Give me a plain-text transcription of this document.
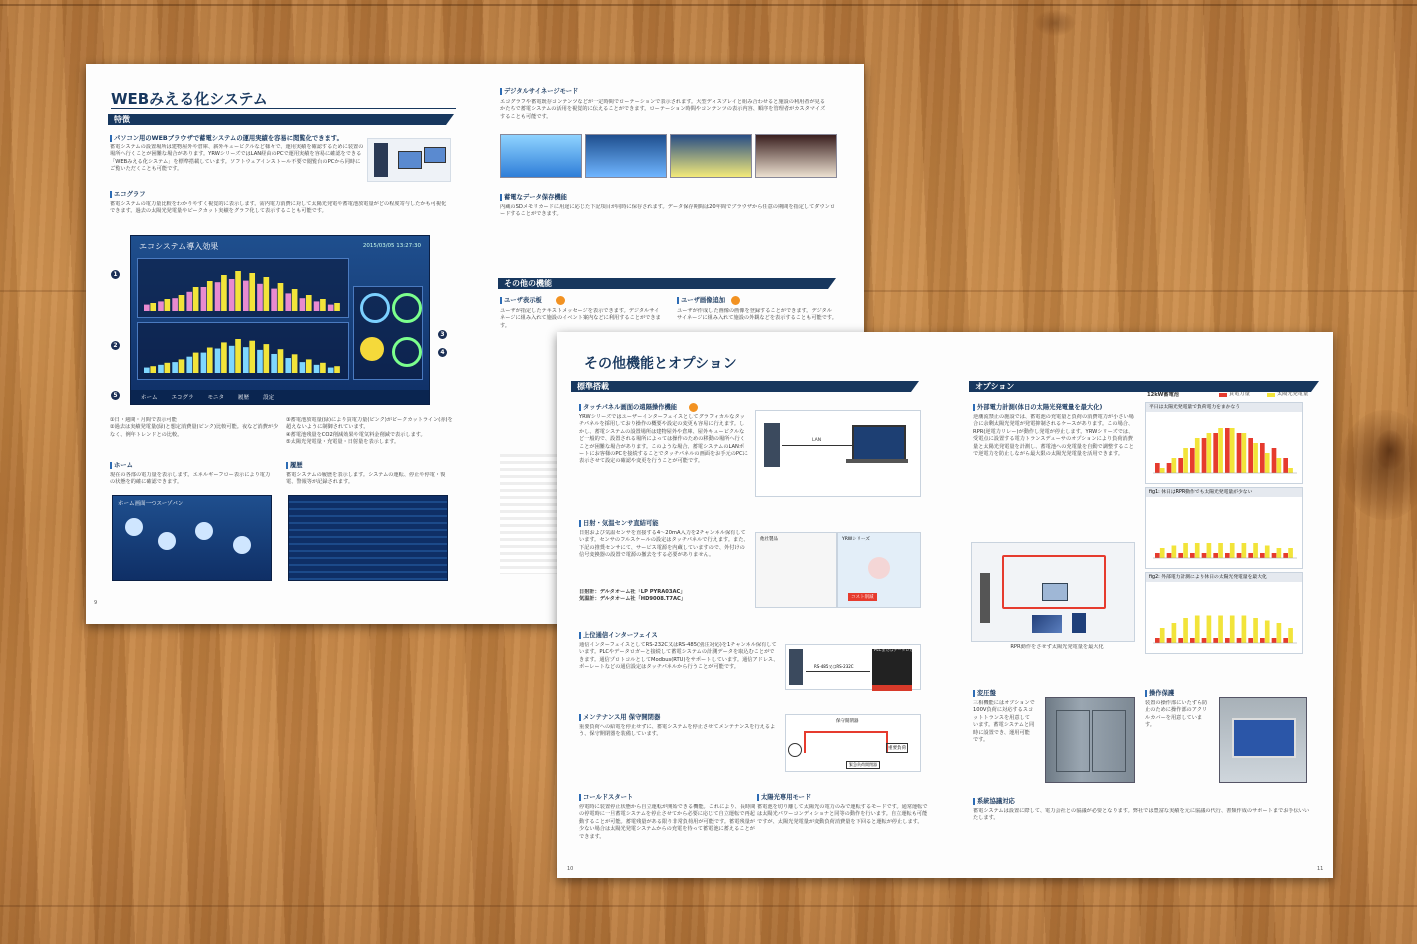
WEBみえる化システム
特徴
パソコン用のWEBブラウザで蓄電システムの運用実績を容易に閲覧化できます。
蓄電システムの設置場所は建物屋外や倉庫、薪外キュービクルなど様々で、運用実績を確認するために装置の場所へ行くことが困難な場合があります。YRWシリーズではLAN経由のPCで運用実績を容易に確認をできる「WEBみえる化システム」を標準搭載しています。ソフトウェアインストール不要で閲覧台のPCから同時にご覧いただくことも可能です。
エコグラフ
蓄電システムの電力量比較をわかりやすく視覚的に表示します。需内電力消費に対して太陽光発電や蓄電池放電量がどの程度寄与したかも可視化できます。過去の太陽光発電量やピークカット実績をグラフ化して表示することも可能です。
エコシステム導入効果	2015/03/05 13:27:30
ホーム	エコグラ	モニタ	履歴	設定
1
2
3
4
5
①日・週間・月間で表示可能
②過去は実績発電量(緑)と想定消費量(ピンク)比較可能。夜など消費が少なく、例年トレンドとの比較。
③蓄電池放電量(緑)により買電力量(ピンク)がピークカットライン(赤)を超えないように制御されています。
④蓄電池残量をCO2削減効果や電気料金削減で表示します。
⑤太陽光発電量・充電量・日射量を表示します。
ホーム
現在の各部の電力量を表示します。エネルギーフロー表示により電力の状態を的確に確認できます。
ホーム画面一つスーゾバン
履歴
蓄電システムの履歴を表示します。システムの運転、停止や停電・復電、警報等が記録されます。
9
デジタルサイネージモード
エコグラフや蓄電既存コンテンツなどが一定時間でローテーションで表示されます。大型ディスプレイと組み合わせると施設の利用者が見るかたちで蓄電システムの活用を視覚的に伝えることができます。ローテーション時間やコンテンツの表示内容、順序を管理者がカスタマイズすることも可能です。
蓄電なデータ保存機能
内蔵のSDメモリカードに用途に応じた下記項目が同時に保存されます。データ保存期間は20年間でブラウザから任意の期間を指定してダウンロードすることができます。
その他の機能
ユーザ表示板
ユーザが指定したテキストメッセージを表示できます。デジタルサイネージに組み入れて施設のイベント案内などに利用することができます。
ユーザ画像追加
ユーザが作成した画像の画像を登録することができます。デジタルサイネージに組み入れて施設の外観などを表示することも可能です。
その他機能とオプション
標準搭載	オプション
タッチパネル画面の遠隔操作機能
YRWシリーズではユーザーインターフェイスとしてグラフィカルなタッチパネルを採用しており操作の概要や設定の変更も容易に行えます。しかし、蓄電システムの設置場所は建物屋外や倉庫、屋外キュービクルなど一般的で、設置される場所によっては操作のための移動の場所へ行くことが困難な場合があります。このような場合、蓄電システムのLANポートにお客様のPCを接続することでタッチパネルの画面をお手元のPCに表示させて設定の確認や変更を行うことが可能です。
LAN
日射・気温センサ直結可能
日射および気温センサを直接する4〜20mA入力を2チャンネル保有しています。センサのフルスケールの設定はタッチパネルで行えます。また、下記の推奨センサにて、サービス電源を内蔵していますので、外付けの信号変換器の設置で電源の撤去をする必要がありません。
日射計：デルタオーム社「LP PYRA03AC」
気温計：デルタオーム社「HD9008.T7AC」
他社製品	YRWシリーズ
コスト削減
上位通信インターフェイス
通信インターフェイスとしてRS-232C又はRS-485(別注対応)を1チャンネル保有しています。PLCやデータロガーと接続して蓄電システムの計測データを取込むことができます。通信プロトコルとしてModbus(RTU)をサポートしています。通信アドレス、ボーレートなどの通信設定はタッチパネルから行うことが可能です。
PLCまたはデータロガー
RS-485又はRS-232C
メンテナンス用 保守開閉器
重要負荷への給電を停止せずに、蓄電システムを停止させてメンテナンスを行えるよう、保守開閉器を装備しています。
保守開閉器
重要負荷
緊急負荷開閉器
コールドスタート
停電時に装置停止状態から自立運転が開始できる機能。これにより、長時間の停電時に一旦蓄電システムを停止させてから必要に応じて自立運転で再起動することが可能。蓄電残量がある限り非常負荷用が可能です。蓄電残量が少ない場合は太陽光発電システムからの充電を待って蓄電池に蓄えることができます。
太陽光専用モード
蓄電池を切り離して太陽光の電力のみで運転するモードです。通常運転では太陽光パワーコンディショナと同等の動作を行います。自立運転も可能ですが、太陽光発電量が変動負荷消費量を下回ると運転が停止します。
10
外部電力計測(体日の太陽光発電量を最大化)
逆潮流禁止の施設では、蓄電池の充電量と負荷の消費電力が小さい場合に余剰太陽光発電が発電抑制されるケースがあります。この場合、RPR(逆電力リレー)が動作し発電が停止します。YRWシリーズでは、受電点に設置する電力トランスデューサのオプションにより負荷消費量と太陽光発電量を計測し、蓄電池への充電量を自動で調整することで逆電力を防止しながら最大限の太陽光発電量を活用できます。
RPR動作をさせず太陽光発電量を最大化
12kW蓄電池	買電力量	太陽光発電量
平日は太陽光発電量で負荷電力をまかなう
fig1: 休日はRPR動作でも太陽光発電量が少ない
fig2: 外部電力計測により休日の太陽光発電量を最大化
変圧盤
三相機能にはオプションで100V負荷に対応するスコットトランスを用意しています。蓄電システムと同時に設置でき、運用可能です。
操作保護
装置の操作部にいたずら防止のために操作部のアクリルカバーを用意しています。
系統協議対応
蓄電システムは設置に際して、電力会社との協議が必要となります。弊社では豊富な実績を元に協議の代行、書類作成のサポートまでお手伝いいたします。
11
